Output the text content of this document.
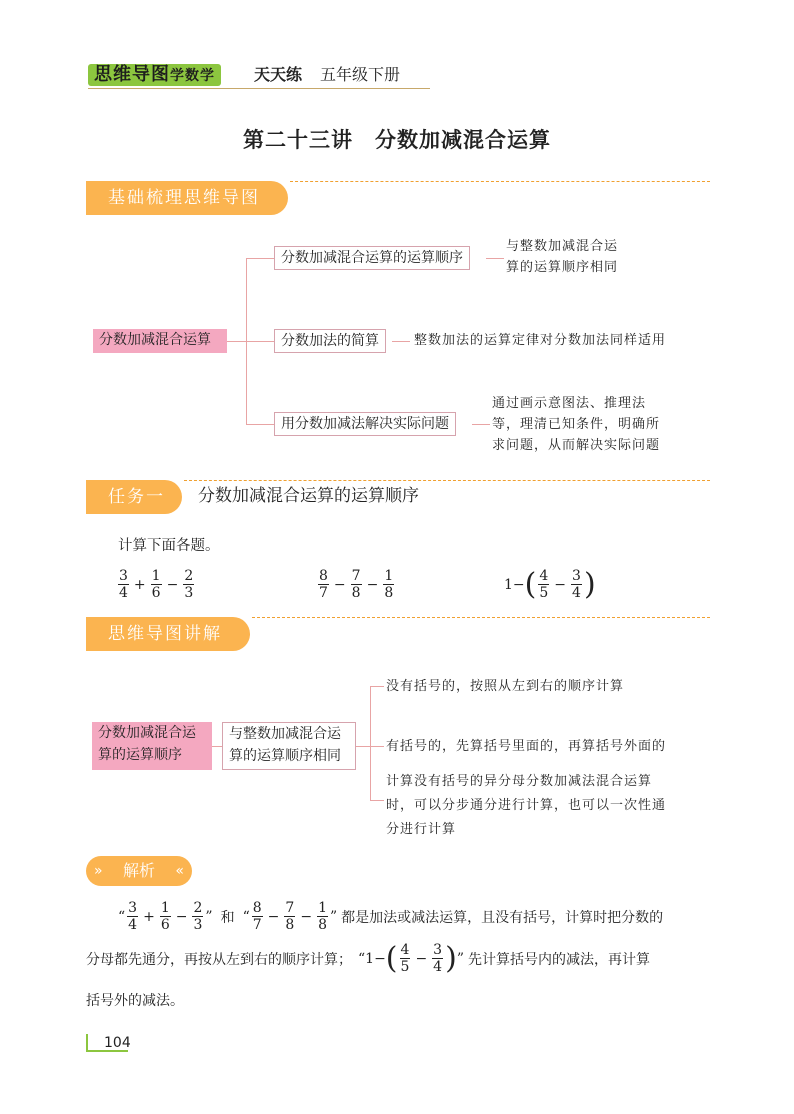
思维导图学数学	天天练 五年级下册
第二十三讲　分数加减混合运算
基础梳理思维导图
分数加减混合运算
分数加减混合运算的运算顺序
与整数加减混合运
算的运算顺序相同
分数加法的简算	整数加法的运算定律对分数加法同样适用
用分数加减法解决实际问题
通过画示意图法、推理法
等，理清已知条件，明确所
求问题，从而解决实际问题
任务一	分数加减混合运算的运算顺序
计算下面各题。
$\frac{3}{4} + \frac{1}{6} - \frac{2}{3}$	$\frac{8}{7} - \frac{7}{8} - \frac{1}{8}$	1− ( $\frac{4}{5} - \frac{3}{4}$ )
思维导图讲解
分数加减混合运
算的运算顺序
与整数加减混合运
算的运算顺序相同
没有括号的，按照从左到右的顺序计算
有括号的，先算括号里面的，再算括号外面的
计算没有括号的异分母分数加减法混合运算
时，可以分步通分进行计算，也可以一次性通
分进行计算
» 解析 «
“ $\frac{3}{4} + \frac{1}{6} - \frac{2}{3}$ ” 和 “ $\frac{8}{7} - \frac{7}{8} - \frac{1}{8}$ ” 都是加法或减法运算，且没有括号，计算时把分数的
分母都先通分，再按从左到右的顺序计算； “1− ( $\frac{4}{5} - \frac{3}{4}$ ) ” 先计算括号内的减法，再计算
括号外的减法。
104
